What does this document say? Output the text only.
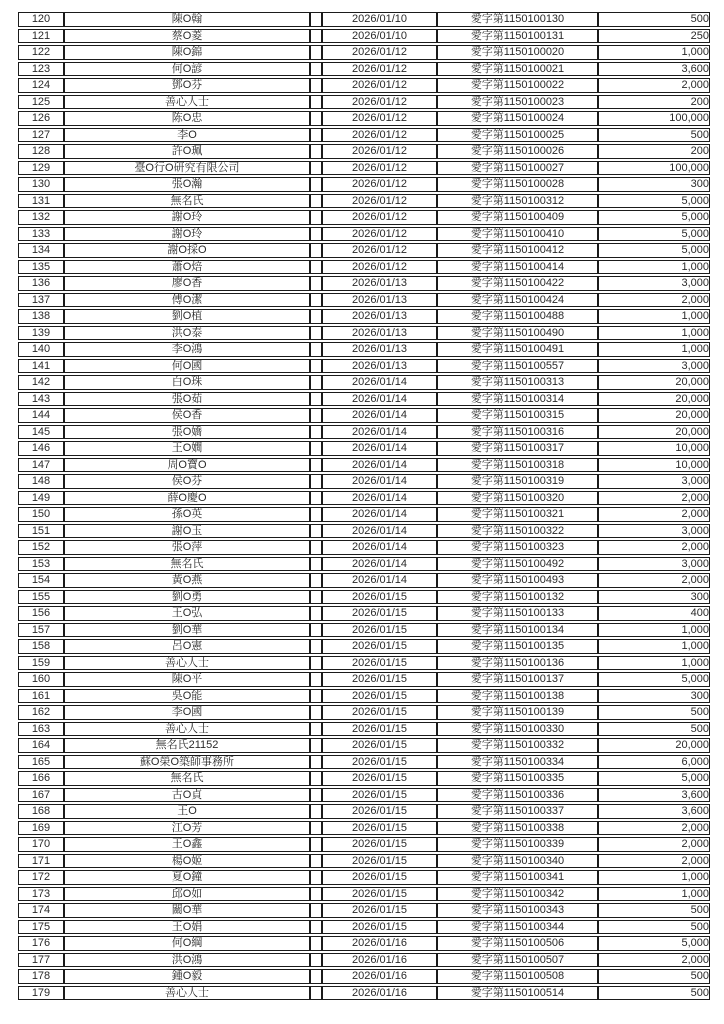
120	陳O翰		2026/01/10	愛字第1150100130	500
121	蔡O菱		2026/01/10	愛字第1150100131	250
122	陳O錦		2026/01/12	愛字第1150100020	1,000
123	何O諺		2026/01/12	愛字第1150100021	3,600
124	鄧O芬		2026/01/12	愛字第1150100022	2,000
125	善心人士		2026/01/12	愛字第1150100023	200
126	陈O忠		2026/01/12	愛字第1150100024	100,000
127	李O		2026/01/12	愛字第1150100025	500
128	許O珮		2026/01/12	愛字第1150100026	200
129	臺O行O研究有限公司		2026/01/12	愛字第1150100027	100,000
130	張O瀚		2026/01/12	愛字第1150100028	300
131	無名氏		2026/01/12	愛字第1150100312	5,000
132	謝O玲		2026/01/12	愛字第1150100409	5,000
133	謝O玲		2026/01/12	愛字第1150100410	5,000
134	謝O採O		2026/01/12	愛字第1150100412	5,000
135	蕭O焙		2026/01/12	愛字第1150100414	1,000
136	廖O香		2026/01/13	愛字第1150100422	3,000
137	傅O潔		2026/01/13	愛字第1150100424	2,000
138	劉O植		2026/01/13	愛字第1150100488	1,000
139	洪O泰		2026/01/13	愛字第1150100490	1,000
140	李O鴻		2026/01/13	愛字第1150100491	1,000
141	何O國		2026/01/13	愛字第1150100557	3,000
142	白O珠		2026/01/14	愛字第1150100313	20,000
143	張O茹		2026/01/14	愛字第1150100314	20,000
144	侯O香		2026/01/14	愛字第1150100315	20,000
145	張O嬌		2026/01/14	愛字第1150100316	20,000
146	王O嫺		2026/01/14	愛字第1150100317	10,000
147	周O寶O		2026/01/14	愛字第1150100318	10,000
148	侯O芬		2026/01/14	愛字第1150100319	3,000
149	薛O慶O		2026/01/14	愛字第1150100320	2,000
150	孫O英		2026/01/14	愛字第1150100321	2,000
151	謝O玉		2026/01/14	愛字第1150100322	3,000
152	張O萍		2026/01/14	愛字第1150100323	2,000
153	無名氏		2026/01/14	愛字第1150100492	3,000
154	黃O燕		2026/01/14	愛字第1150100493	2,000
155	劉O勇		2026/01/15	愛字第1150100132	300
156	王O弘		2026/01/15	愛字第1150100133	400
157	劉O華		2026/01/15	愛字第1150100134	1,000
158	呂O憲		2026/01/15	愛字第1150100135	1,000
159	善心人士		2026/01/15	愛字第1150100136	1,000
160	陳O平		2026/01/15	愛字第1150100137	5,000
161	吳O能		2026/01/15	愛字第1150100138	300
162	李O國		2026/01/15	愛字第1150100139	500
163	善心人士		2026/01/15	愛字第1150100330	500
164	無名氏21152		2026/01/15	愛字第1150100332	20,000
165	蘇O榮O築師事務所		2026/01/15	愛字第1150100334	6,000
166	無名氏		2026/01/15	愛字第1150100335	5,000
167	古O貞		2026/01/15	愛字第1150100336	3,600
168	王O		2026/01/15	愛字第1150100337	3,600
169	江O芳		2026/01/15	愛字第1150100338	2,000
170	王O鑫		2026/01/15	愛字第1150100339	2,000
171	楊O姬		2026/01/15	愛字第1150100340	2,000
172	夏O鐘		2026/01/15	愛字第1150100341	1,000
173	邱O如		2026/01/15	愛字第1150100342	1,000
174	關O華		2026/01/15	愛字第1150100343	500
175	王O娟		2026/01/15	愛字第1150100344	500
176	何O綱		2026/01/16	愛字第1150100506	5,000
177	洪O鴻		2026/01/16	愛字第1150100507	2,000
178	鍾O毅		2026/01/16	愛字第1150100508	500
179	善心人士		2026/01/16	愛字第1150100514	500
